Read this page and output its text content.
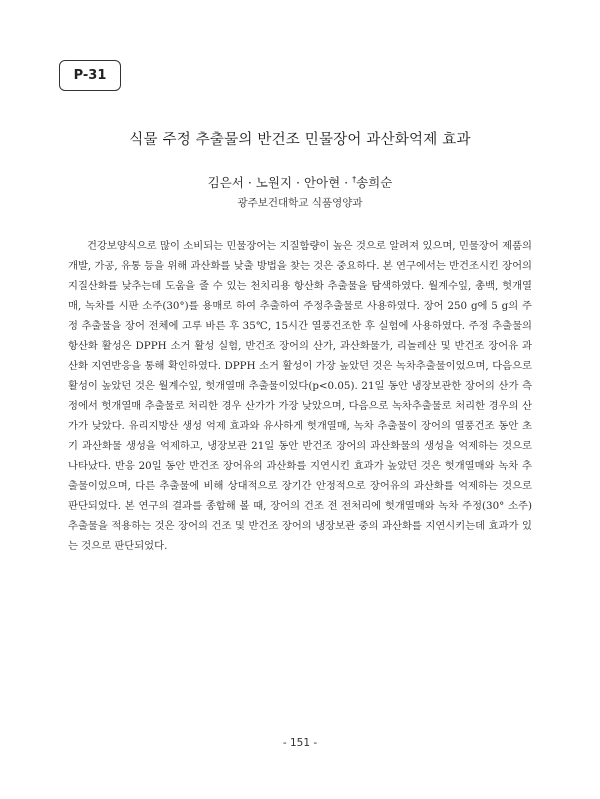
P-31
식물 주정 추출물의 반건조 민물장어 과산화억제 효과
김은서 · 노원지 · 안아현 · †송희순
광주보건대학교 식품영양과

건강보양식으로 많이 소비되는 민물장어는 지질함량이 높은 것으로 알려져 있으며, 민물장어 제품의 개발, 가공, 유통 등을 위해 과산화를 낮출 방법을 찾는 것은 중요하다. 본 연구에서는 반건조시킨 장어의 지질산화를 낮추는데 도움을 줄 수 있는 천치리용 항산화 추출물을 탐색하였다. 월계수잎, 총백, 헛개열매, 녹차를 시판 소주(30°)를 용매로 하여 추출하여 주정추출물로 사용하였다. 장어 250 g에 5 g의 주정 추출물을 장어 전체에 고루 바른 후 35℃, 15시간 열풍건조한 후 실험에 사용하였다. 주정 추출물의 항산화 활성은 DPPH 소거 활성 실험, 반건조 장어의 산가, 과산화물가, 리놀레산 및 반건조 장어유 과산화 지연반응을 통해 확인하였다. DPPH 소거 활성이 가장 높았던 것은 녹차추출물이었으며, 다음으로 활성이 높았던 것은 월계수잎, 헛개열매 추출물이었다(p<0.05). 21일 동안 냉장보관한 장어의 산가 측정에서 헛개열매 추출물로 처리한 경우 산가가 가장 낮았으며, 다음으로 녹차추출물로 처리한 경우의 산가가 낮았다. 유리지방산 생성 억제 효과와 유사하게 헛개열매, 녹차 추출물이 장어의 열풍건조 동안 초기 과산화물 생성을 억제하고, 냉장보관 21일 동안 반건조 장어의 과산화물의 생성을 억제하는 것으로 나타났다. 반응 20일 동안 반건조 장어유의 과산화를 지연시킨 효과가 높았던 것은 헛개열매와 녹차 추출물이었으며, 다른 추출물에 비해 상대적으로 장기간 안정적으로 장어유의 과산화를 억제하는 것으로 판단되었다. 본 연구의 결과를 종합해 볼 때, 장어의 건조 전 전처리에 헛개열매와 녹차 주정(30° 소주) 추출물을 적용하는 것은 장어의 건조 및 반건조 장어의 냉장보관 중의 과산화를 지연시키는데 효과가 있는 것으로 판단되었다.

- 151 -
